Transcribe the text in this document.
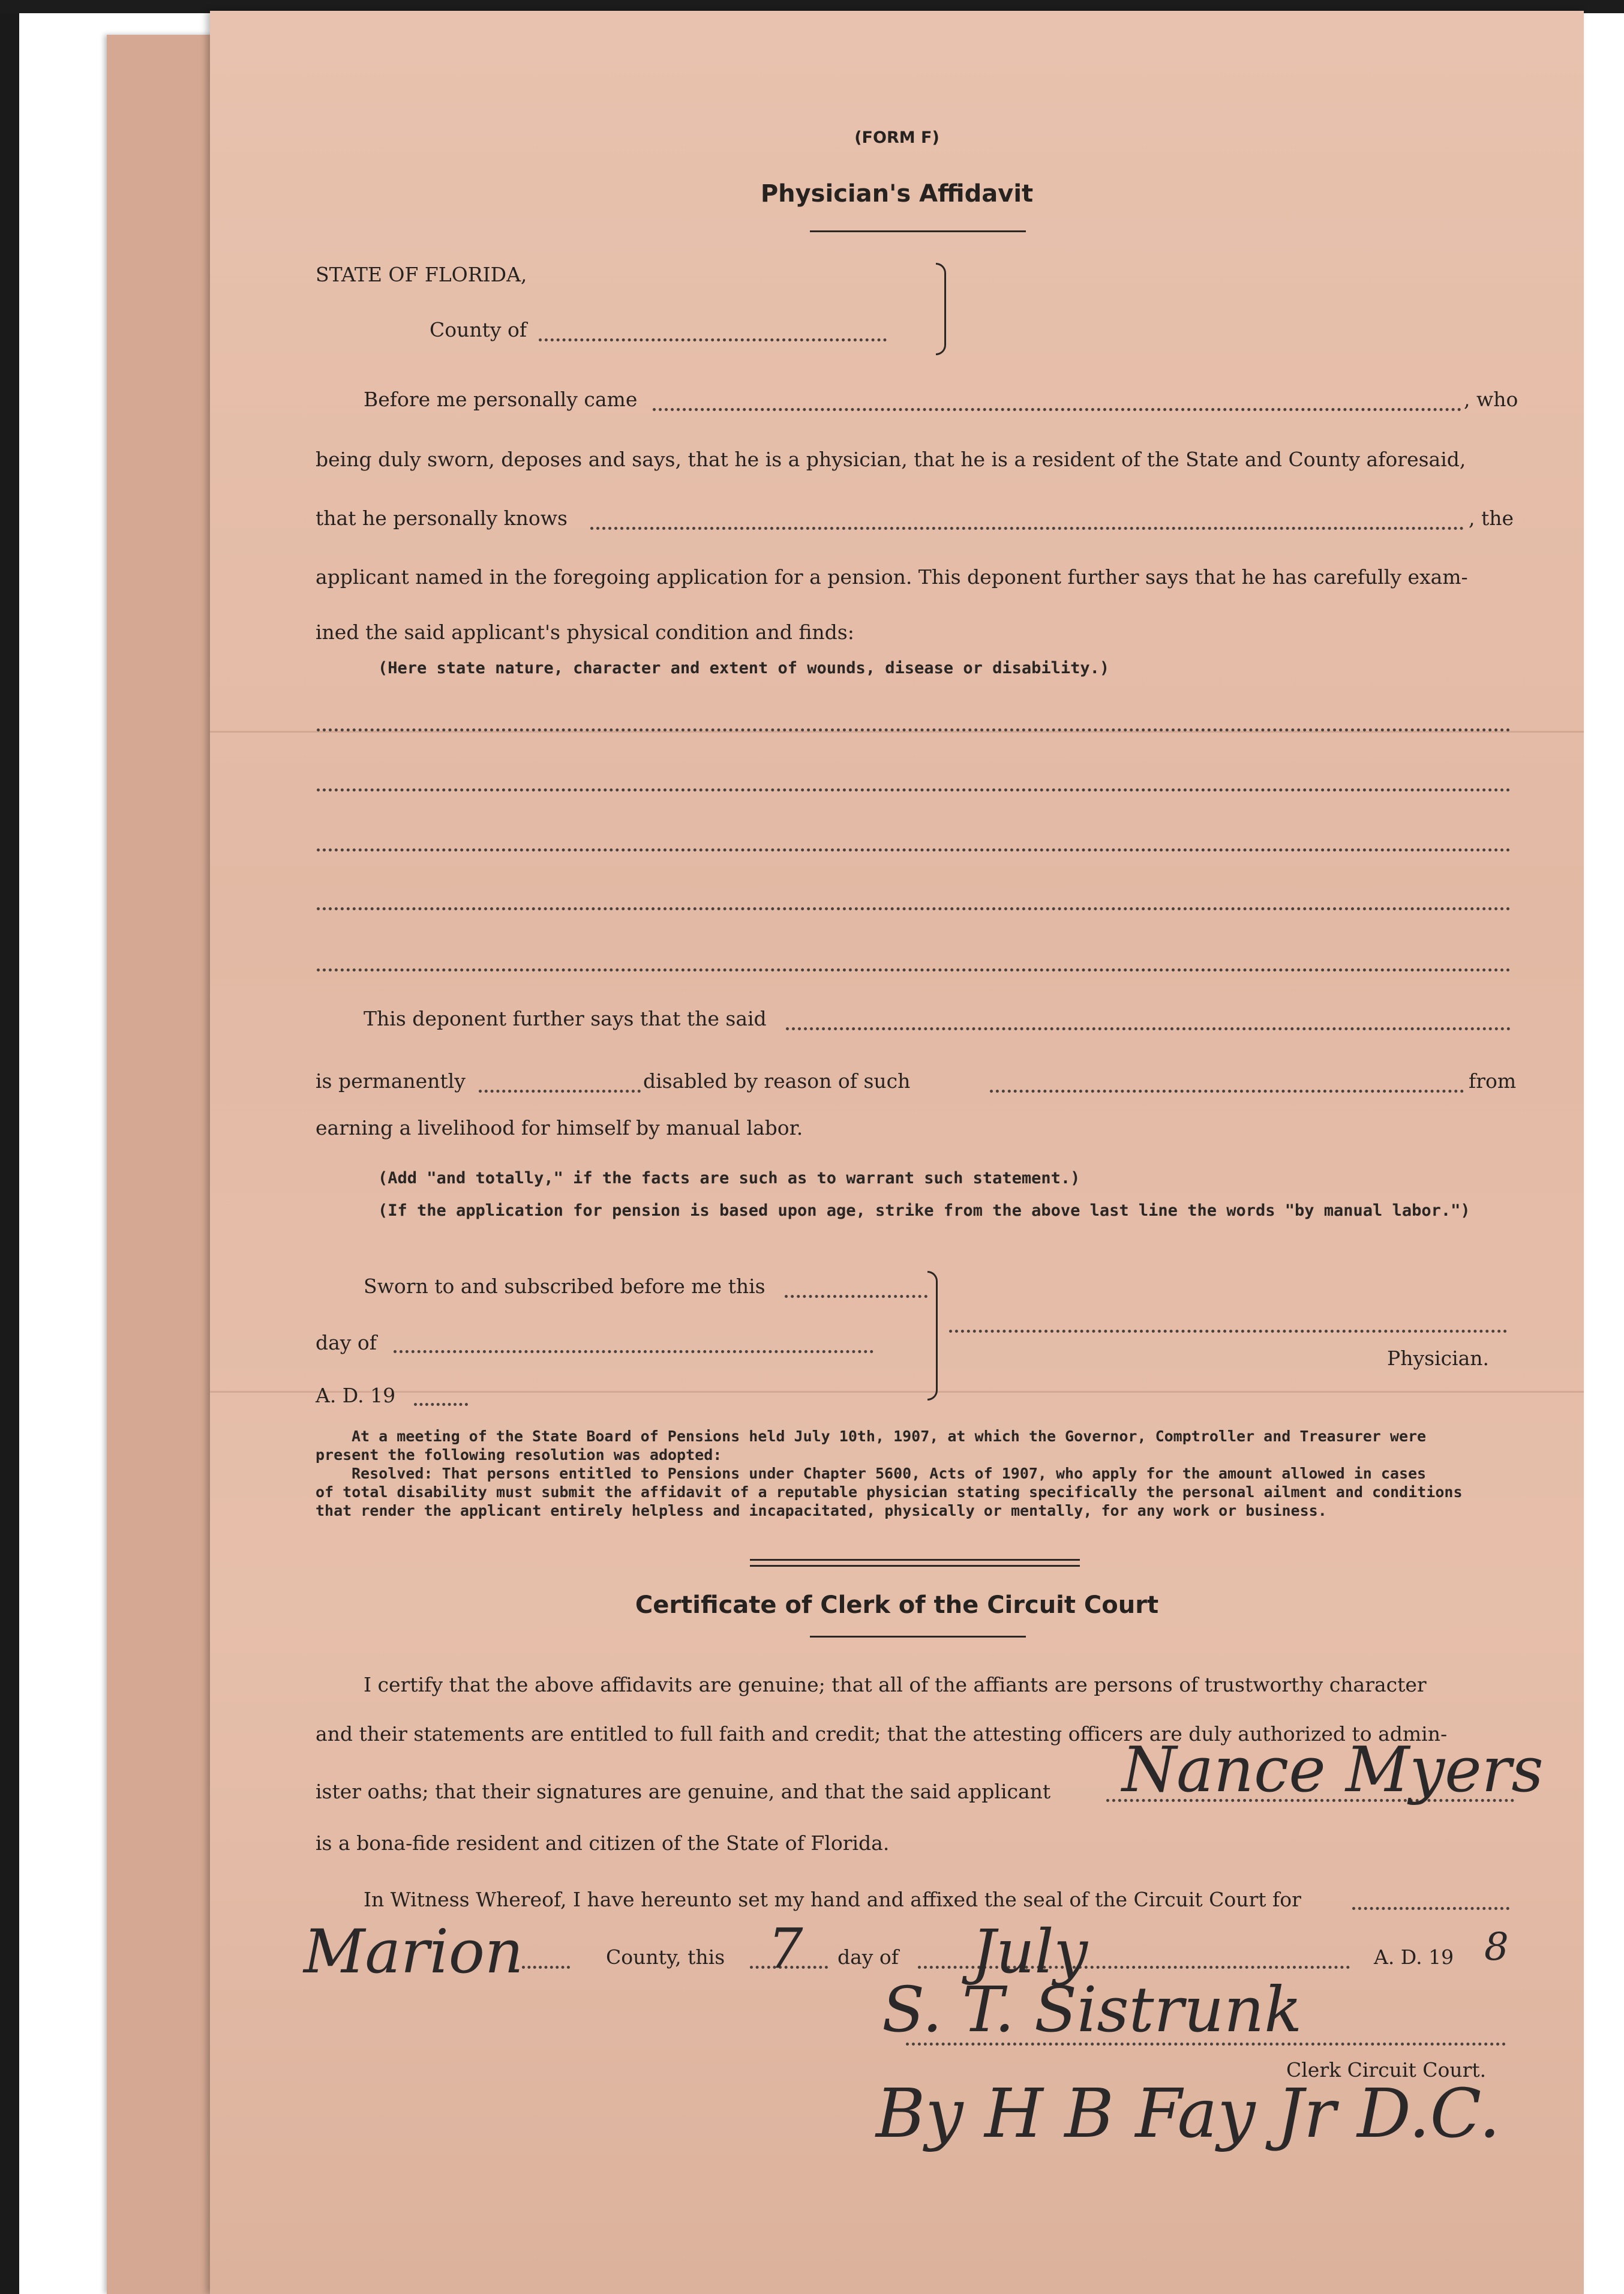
(FORM F)
Physician's Affidavit
STATE OF FLORIDA,
County of
Before me personally came	, who
being duly sworn, deposes and says, that he is a physician, that he is a resident of the State and County aforesaid,
that he personally knows	, the
applicant named in the foregoing application for a pension. This deponent further says that he has carefully exam-
ined the said applicant's physical condition and finds:
(Here state nature, character and extent of wounds, disease or disability.)
This deponent further says that the said
is permanently	disabled by reason of such	from
earning a livelihood for himself by manual labor.
(Add "and totally," if the facts are such as to warrant such statement.)
(If the application for pension is based upon age, strike from the above last line the words "by manual labor.")
Sworn to and subscribed before me this
day of
A. D. 19
Physician.
At a meeting of the State Board of Pensions held July 10th, 1907, at which the Governor, Comptroller and Treasurer were
present the following resolution was adopted:
Resolved: That persons entitled to Pensions under Chapter 5600, Acts of 1907, who apply for the amount allowed in cases
of total disability must submit the affidavit of a reputable physician stating specifically the personal ailment and conditions
that render the applicant entirely helpless and incapacitated, physically or mentally, for any work or business.
Certificate of Clerk of the Circuit Court
I certify that the above affidavits are genuine; that all of the affiants are persons of trustworthy character
and their statements are entitled to full faith and credit; that the attesting officers are duly authorized to admin-
ister oaths; that their signatures are genuine, and that the said applicant Nance Myers
is a bona-fide resident and citizen of the State of Florida.
In Witness Whereof, I have hereunto set my hand and affixed the seal of the Circuit Court for
Marion	County, this 7 day of July	A. D. 19 8
S. T. Sistrunk
Clerk Circuit Court.
By H B Fay Jr D.C.
